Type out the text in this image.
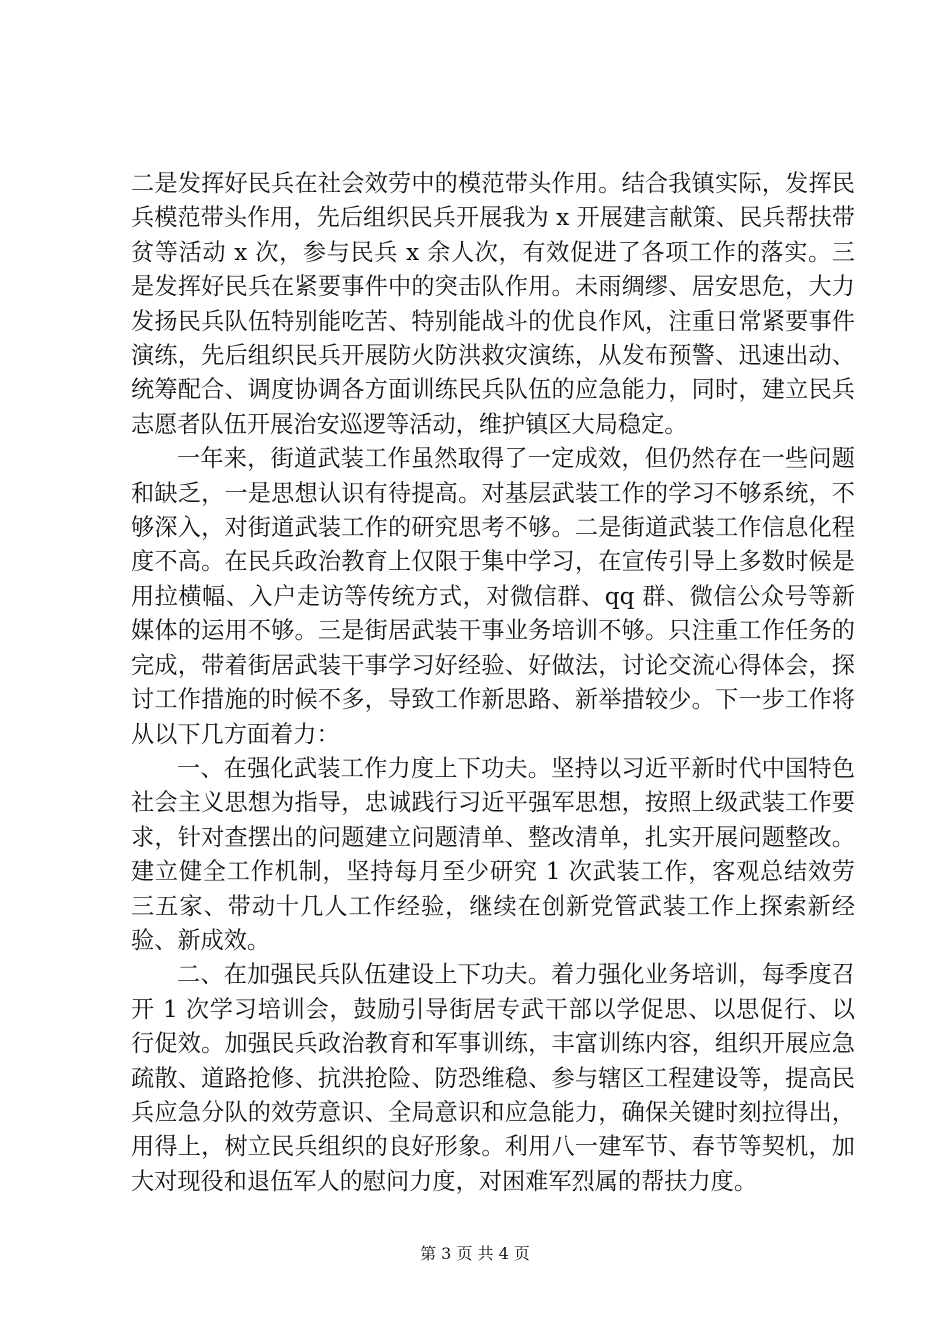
二是发挥好民兵在社会效劳中的模范带头作用。结合我镇实际，发挥民兵模范带头作用，先后组织民兵开展我为 x 开展建言献策、民兵帮扶带贫等活动 x 次，参与民兵 x 余人次，有效促进了各项工作的落实。三是发挥好民兵在紧要事件中的突击队作用。未雨绸缪、居安思危，大力发扬民兵队伍特别能吃苦、特别能战斗的优良作风，注重日常紧要事件演练，先后组织民兵开展防火防洪救灾演练，从发布预警、迅速出动、统筹配合、调度协调各方面训练民兵队伍的应急能力，同时，建立民兵志愿者队伍开展治安巡逻等活动，维护镇区大局稳定。

一年来，街道武装工作虽然取得了一定成效，但仍然存在一些问题和缺乏，一是思想认识有待提高。对基层武装工作的学习不够系统，不够深入，对街道武装工作的研究思考不够。二是街道武装工作信息化程度不高。在民兵政治教育上仅限于集中学习，在宣传引导上多数时候是用拉横幅、入户走访等传统方式，对微信群、qq 群、微信公众号等新媒体的运用不够。三是街居武装干事业务培训不够。只注重工作任务的完成，带着街居武装干事学习好经验、好做法，讨论交流心得体会，探讨工作措施的时候不多，导致工作新思路、新举措较少。下一步工作将从以下几方面着力：

一、在强化武装工作力度上下功夫。坚持以习近平新时代中国特色社会主义思想为指导，忠诚践行习近平强军思想，按照上级武装工作要求，针对查摆出的问题建立问题清单、整改清单，扎实开展问题整改。建立健全工作机制，坚持每月至少研究 1 次武装工作，客观总结效劳三五家、带动十几人工作经验，继续在创新党管武装工作上探索新经验、新成效。

二、在加强民兵队伍建设上下功夫。着力强化业务培训，每季度召开 1 次学习培训会，鼓励引导街居专武干部以学促思、以思促行、以行促效。加强民兵政治教育和军事训练，丰富训练内容，组织开展应急疏散、道路抢修、抗洪抢险、防恐维稳、参与辖区工程建设等，提高民兵应急分队的效劳意识、全局意识和应急能力，确保关键时刻拉得出，用得上，树立民兵组织的良好形象。利用八一建军节、春节等契机，加大对现役和退伍军人的慰问力度，对困难军烈属的帮扶力度。

第 3 页 共 4 页
